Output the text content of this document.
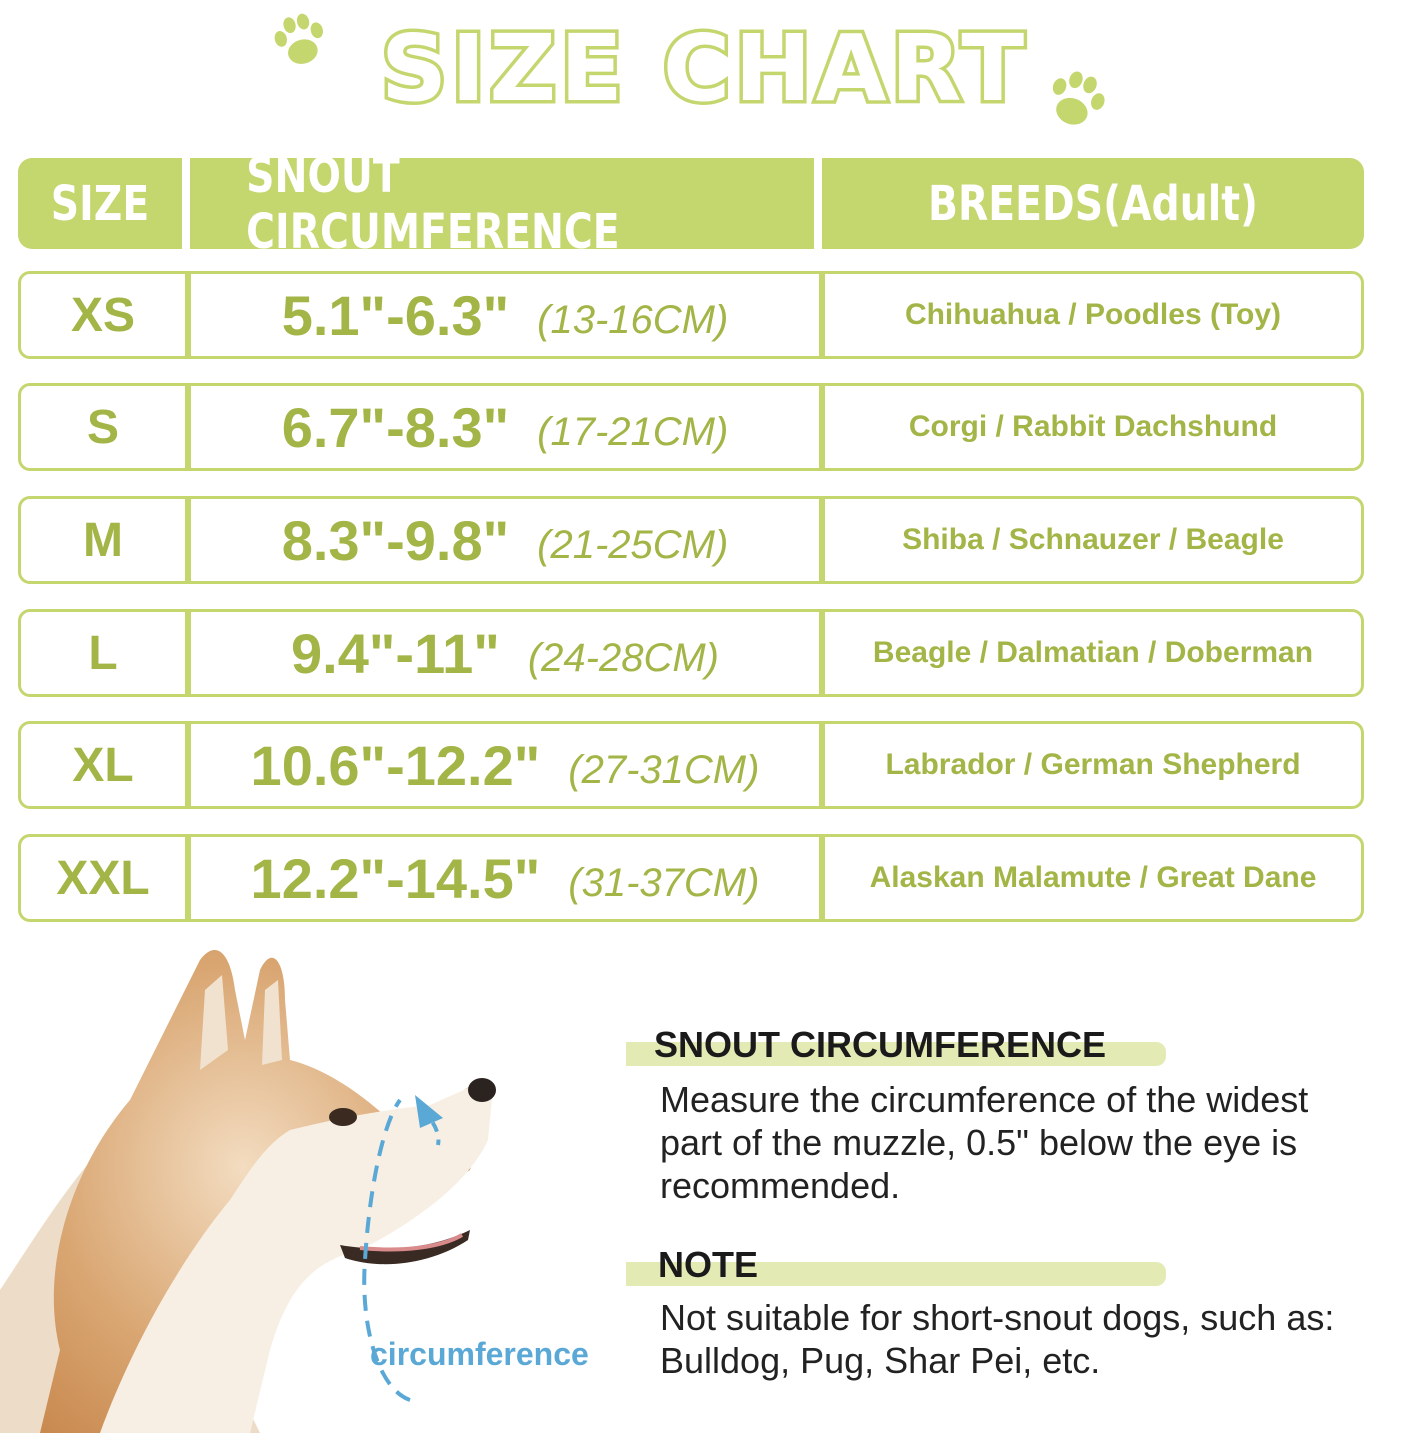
SIZE CHART
SIZE	SNOUT CIRCUMFERENCE	BREEDS(Adult)
XS	5.1"-6.3" (13-16CM)	Chihuahua / Poodles (Toy)
S	6.7"-8.3" (17-21CM)	Corgi / Rabbit Dachshund
M	8.3"-9.8" (21-25CM)	Shiba / Schnauzer / Beagle
L	9.4"-11" (24-28CM)	Beagle / Dalmatian / Doberman
XL	10.6"-12.2" (27-31CM)	Labrador / German Shepherd
XXL	12.2"-14.5" (31-37CM)	Alaskan Malamute / Great Dane
circumference
SNOUT CIRCUMFERENCE
Measure the circumference of the widest
part of the muzzle, 0.5" below the eye is
recommended.
NOTE
Not suitable for short-snout dogs, such as:
Bulldog, Pug, Shar Pei, etc.
